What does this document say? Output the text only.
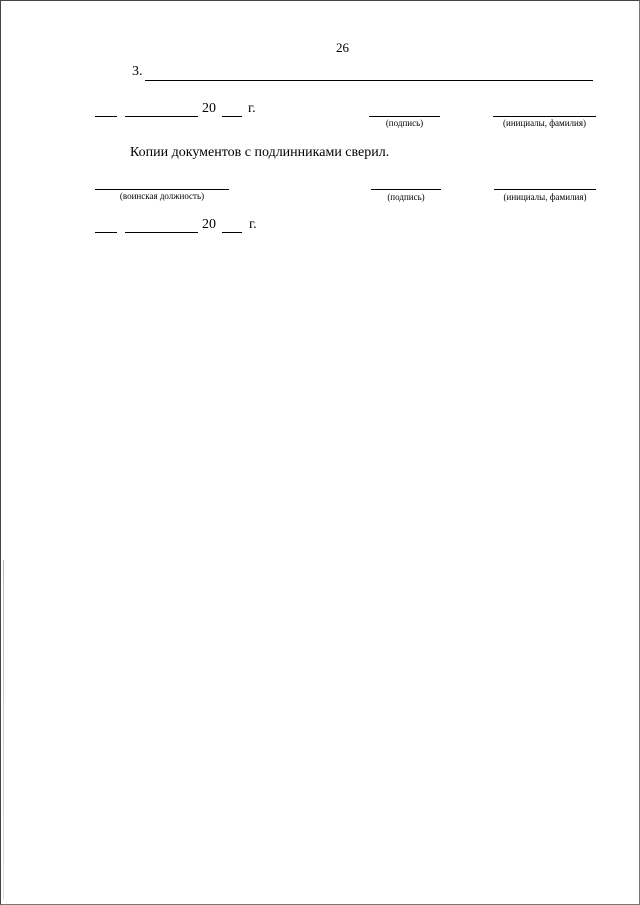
26
3.
20 г.
(подпись)	(инициалы, фамилия)
Копии документов с подлинниками сверил.
(воинская должность)	(подпись)	(инициалы, фамилия)
20 г.
